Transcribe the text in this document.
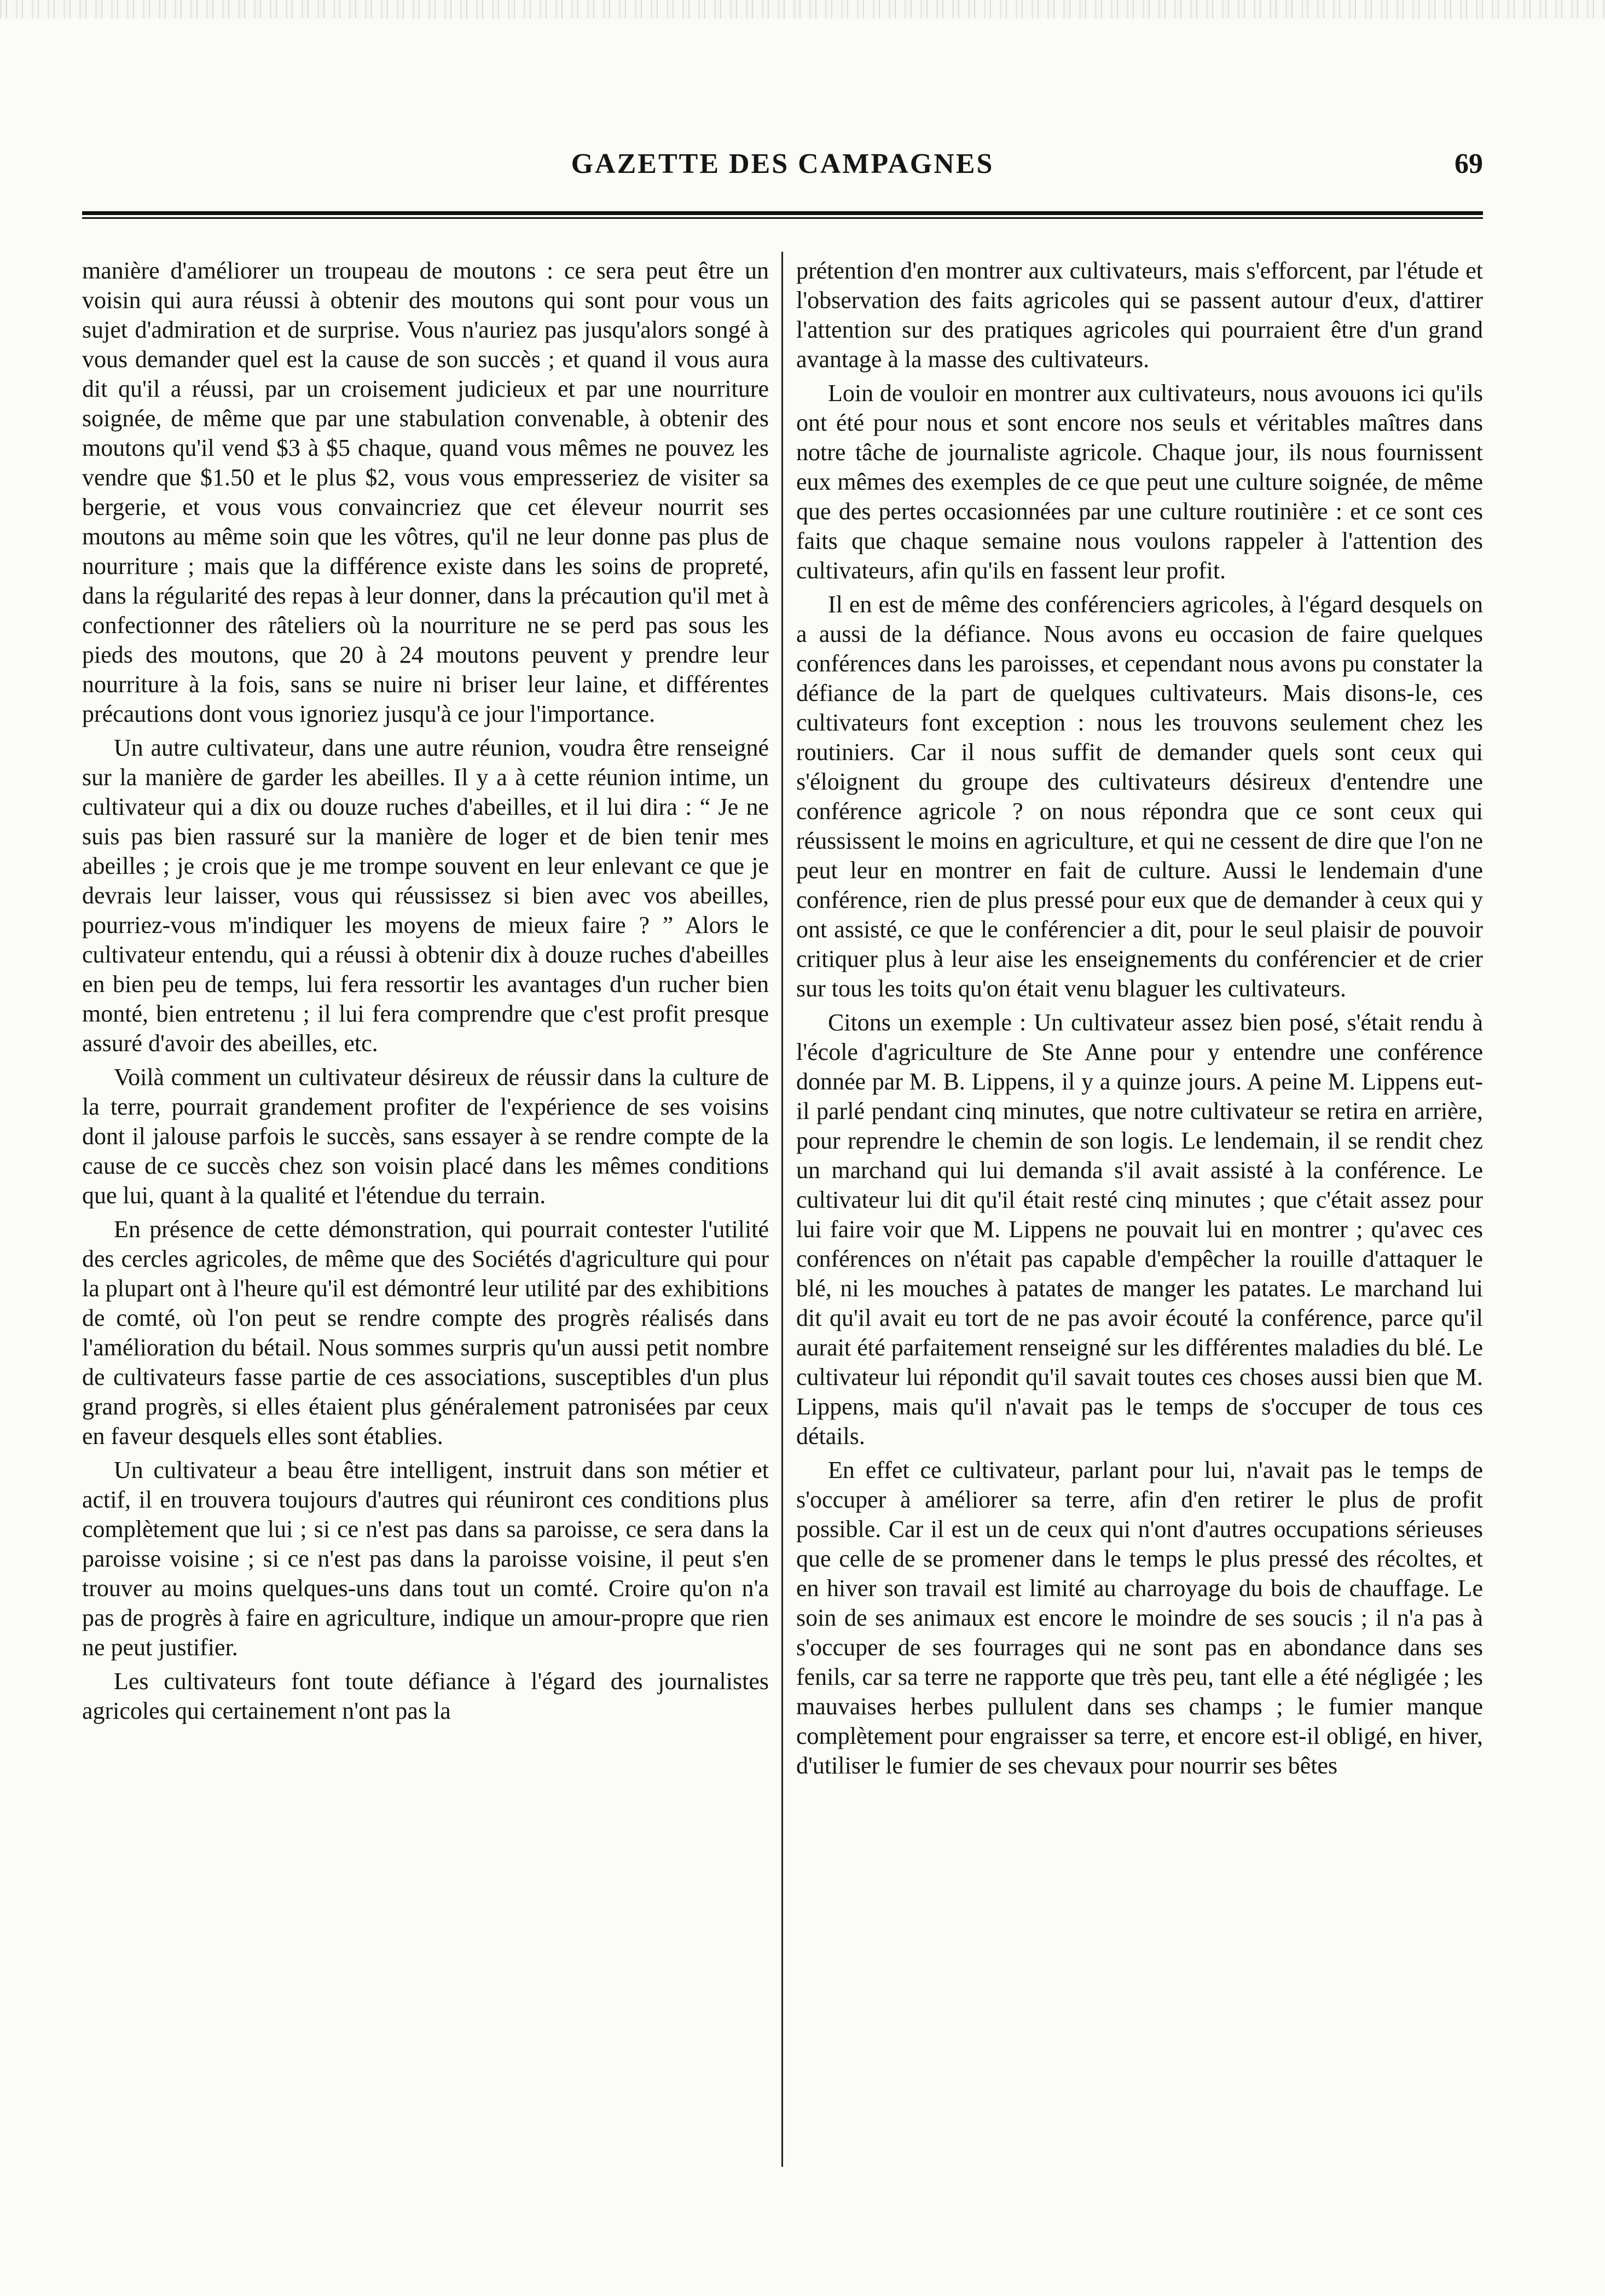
GAZETTE DES CAMPAGNES	69

manière d'améliorer un troupeau de moutons : ce sera peut être un voisin qui aura réussi à obtenir des moutons qui sont pour vous un sujet d'admiration et de surprise. Vous n'auriez pas jusqu'alors songé à vous demander quel est la cause de son succès ; et quand il vous aura dit qu'il a réussi, par un croisement judicieux et par une nourriture soignée, de même que par une stabulation convenable, à obtenir des moutons qu'il vend $3 à $5 chaque, quand vous mêmes ne pouvez les vendre que $1.50 et le plus $2, vous vous empresseriez de visiter sa bergerie, et vous vous convaincriez que cet éleveur nourrit ses moutons au même soin que les vôtres, qu'il ne leur donne pas plus de nourriture ; mais que la différence existe dans les soins de propreté, dans la régularité des repas à leur donner, dans la précaution qu'il met à confectionner des râteliers où la nourriture ne se perd pas sous les pieds des moutons, que 20 à 24 moutons peuvent y prendre leur nourriture à la fois, sans se nuire ni briser leur laine, et différentes précautions dont vous ignoriez jusqu'à ce jour l'importance.

Un autre cultivateur, dans une autre réunion, voudra être renseigné sur la manière de garder les abeilles. Il y a à cette réunion intime, un cultivateur qui a dix ou douze ruches d'abeilles, et il lui dira : “ Je ne suis pas bien rassuré sur la manière de loger et de bien tenir mes abeilles ; je crois que je me trompe souvent en leur enlevant ce que je devrais leur laisser, vous qui réussissez si bien avec vos abeilles, pourriez-vous m'indiquer les moyens de mieux faire ? ” Alors le cultivateur entendu, qui a réussi à obtenir dix à douze ruches d'abeilles en bien peu de temps, lui fera ressortir les avantages d'un rucher bien monté, bien entretenu ; il lui fera comprendre que c'est profit presque assuré d'avoir des abeilles, etc.

Voilà comment un cultivateur désireux de réussir dans la culture de la terre, pourrait grandement profiter de l'expérience de ses voisins dont il jalouse parfois le succès, sans essayer à se rendre compte de la cause de ce succès chez son voisin placé dans les mêmes conditions que lui, quant à la qualité et l'étendue du terrain.

En présence de cette démonstration, qui pourrait contester l'utilité des cercles agricoles, de même que des Sociétés d'agriculture qui pour la plupart ont à l'heure qu'il est démontré leur utilité par des exhibitions de comté, où l'on peut se rendre compte des progrès réalisés dans l'amélioration du bétail. Nous sommes surpris qu'un aussi petit nombre de cultivateurs fasse partie de ces associations, susceptibles d'un plus grand progrès, si elles étaient plus généralement patronisées par ceux en faveur desquels elles sont établies.

Un cultivateur a beau être intelligent, instruit dans son métier et actif, il en trouvera toujours d'autres qui réuniront ces conditions plus complètement que lui ; si ce n'est pas dans sa paroisse, ce sera dans la paroisse voisine ; si ce n'est pas dans la paroisse voisine, il peut s'en trouver au moins quelques-uns dans tout un comté. Croire qu'on n'a pas de progrès à faire en agriculture, indique un amour-propre que rien ne peut justifier.

Les cultivateurs font toute défiance à l'égard des journalistes agricoles qui certainement n'ont pas la

prétention d'en montrer aux cultivateurs, mais s'efforcent, par l'étude et l'observation des faits agricoles qui se passent autour d'eux, d'attirer l'attention sur des pratiques agricoles qui pourraient être d'un grand avantage à la masse des cultivateurs.

Loin de vouloir en montrer aux cultivateurs, nous avouons ici qu'ils ont été pour nous et sont encore nos seuls et véritables maîtres dans notre tâche de journaliste agricole. Chaque jour, ils nous fournissent eux mêmes des exemples de ce que peut une culture soignée, de même que des pertes occasionnées par une culture routinière : et ce sont ces faits que chaque semaine nous voulons rappeler à l'attention des cultivateurs, afin qu'ils en fassent leur profit.

Il en est de même des conférenciers agricoles, à l'égard desquels on a aussi de la défiance. Nous avons eu occasion de faire quelques conférences dans les paroisses, et cependant nous avons pu constater la défiance de la part de quelques cultivateurs. Mais disons-le, ces cultivateurs font exception : nous les trouvons seulement chez les routiniers. Car il nous suffit de demander quels sont ceux qui s'éloignent du groupe des cultivateurs désireux d'entendre une conférence agricole ? on nous répondra que ce sont ceux qui réussissent le moins en agriculture, et qui ne cessent de dire que l'on ne peut leur en montrer en fait de culture. Aussi le lendemain d'une conférence, rien de plus pressé pour eux que de demander à ceux qui y ont assisté, ce que le conférencier a dit, pour le seul plaisir de pouvoir critiquer plus à leur aise les enseignements du conférencier et de crier sur tous les toits qu'on était venu blaguer les cultivateurs.

Citons un exemple : Un cultivateur assez bien posé, s'était rendu à l'école d'agriculture de Ste Anne pour y entendre une conférence donnée par M. B. Lippens, il y a quinze jours. A peine M. Lippens eut-il parlé pendant cinq minutes, que notre cultivateur se retira en arrière, pour reprendre le chemin de son logis. Le lendemain, il se rendit chez un marchand qui lui demanda s'il avait assisté à la conférence. Le cultivateur lui dit qu'il était resté cinq minutes ; que c'était assez pour lui faire voir que M. Lippens ne pouvait lui en montrer ; qu'avec ces conférences on n'était pas capable d'empêcher la rouille d'attaquer le blé, ni les mouches à patates de manger les patates. Le marchand lui dit qu'il avait eu tort de ne pas avoir écouté la conférence, parce qu'il aurait été parfaitement renseigné sur les différentes maladies du blé. Le cultivateur lui répondit qu'il savait toutes ces choses aussi bien que M. Lippens, mais qu'il n'avait pas le temps de s'occuper de tous ces détails.

En effet ce cultivateur, parlant pour lui, n'avait pas le temps de s'occuper à améliorer sa terre, afin d'en retirer le plus de profit possible. Car il est un de ceux qui n'ont d'autres occupations sérieuses que celle de se promener dans le temps le plus pressé des récoltes, et en hiver son travail est limité au charroyage du bois de chauffage. Le soin de ses animaux est encore le moindre de ses soucis ; il n'a pas à s'occuper de ses fourrages qui ne sont pas en abondance dans ses fenils, car sa terre ne rapporte que très peu, tant elle a été négligée ; les mauvaises herbes pullulent dans ses champs ; le fumier manque complètement pour engraisser sa terre, et encore est-il obligé, en hiver, d'utiliser le fumier de ses chevaux pour nourrir ses bêtes
